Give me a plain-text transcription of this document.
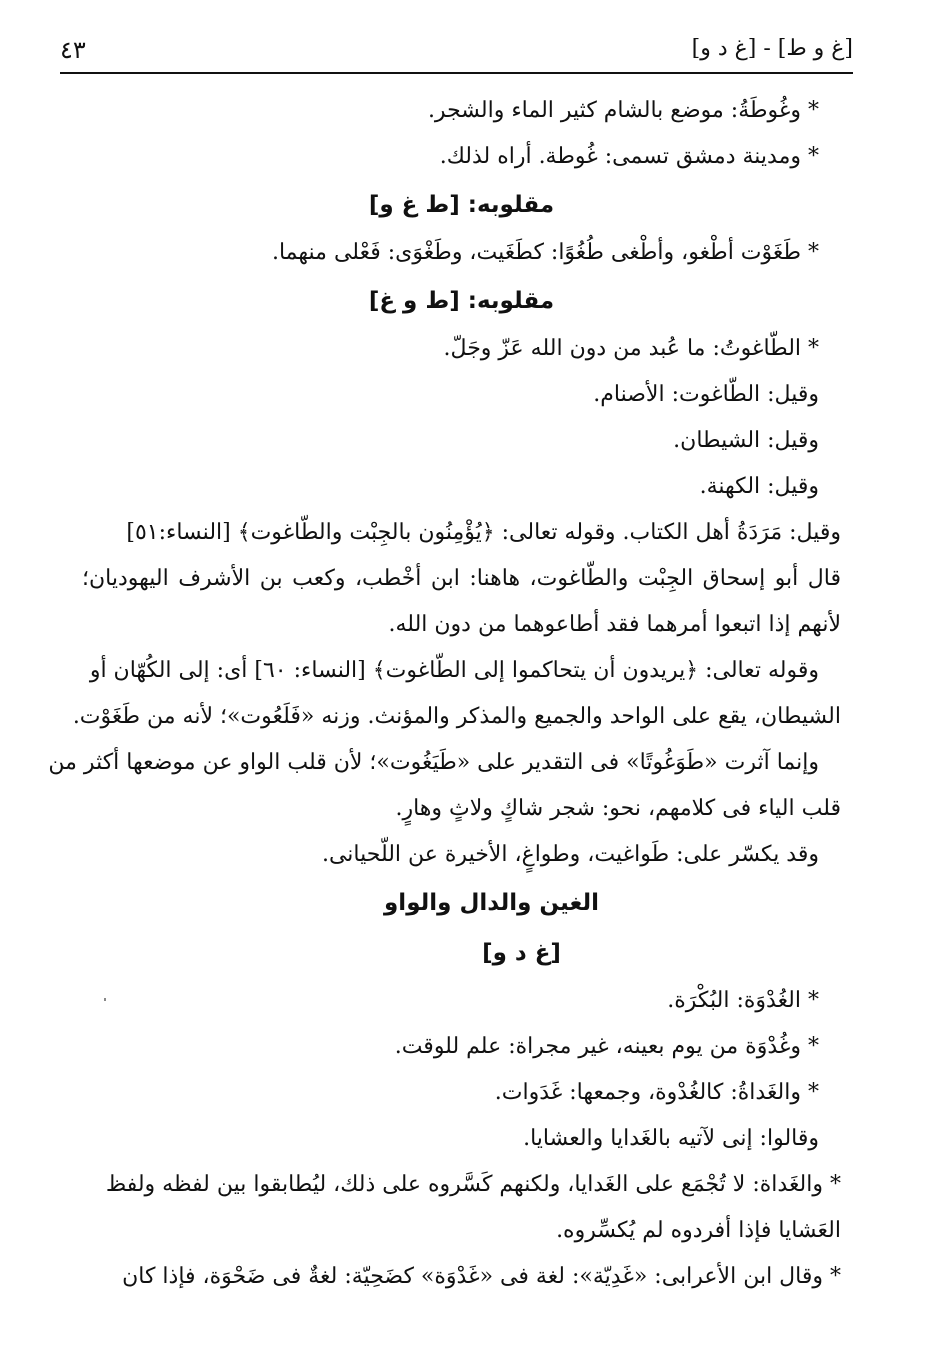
٤٣	[غ و ط] - [غ د و]

* وغُوطَةُ: موضع بالشام كثير الماء والشجر.

* ومدينة دمشق تسمى: غُوطة. أراه لذلك.

مقلوبه: [ط غ و]

* طَغَوْت أطْغو، وأطْغى طُغُوًا: كطَغَيت، وطَغْوَى: فَعْلى منهما.

مقلوبه: [ط و غ]

* الطّاغوتُ: ما عُبد من دون الله عَزّ وجَلّ.

وقيل: الطّاغوت: الأصنام.

وقيل: الشيطان.

وقيل: الكهنة.

وقيل: مَرَدَةُ أهل الكتاب. وقوله تعالى: ﴿يُؤْمِنُون بالجِبْت والطّاغوت﴾ [النساء:٥١]

قال أبو إسحاق الجِبْت والطّاغوت، هاهنا: ابن أخْطب، وكعب بن الأشرف اليهوديان؛

لأنهم إذا اتبعوا أمرهما فقد أطاعوهما من دون الله.

وقوله تعالى: ﴿يريدون أن يتحاكموا إلى الطّاغوت﴾ [النساء: ٦٠] أى: إلى الكُهّان أو

الشيطان، يقع على الواحد والجميع والمذكر والمؤنث. وزنه «فَلَعُوت»؛ لأنه من طَغَوْت.

وإنما آثرت «طَوَغُوتًا» فى التقدير على «طَيَغُوت»؛ لأن قلب الواو عن موضعها أكثر من

قلب الياء فى كلامهم، نحو: شجر شاكٍ ولاثٍ وهارٍ.

وقد يكسّر على: طَواغيت، وطواغٍ، الأخيرة عن اللّحيانى.

الغين والدال والواو

[غ د و]

* الغُدْوَة: البُكْرَة.

* وغُدْوَة من يوم بعينه، غير مجراة: علم للوقت.

* والغَداةُ: كالغُدْوة، وجمعها: غَدَوات.

وقالوا: إنى لآتيه بالغَدايا والعشايا.

* والغَداة: لا تُجْمَع على الغَدايا، ولكنهم كَسَّروه على ذلك، ليُطابقوا بين لفظه ولفظ

العَشايا فإذا أفردوه لم يُكسِّروه.

* وقال ابن الأعرابى: «غَدِيّة»: لغة فى «غَدْوَة» كضَحِيّة: لغةٌ فى ضَحْوَة، فإذا كان
